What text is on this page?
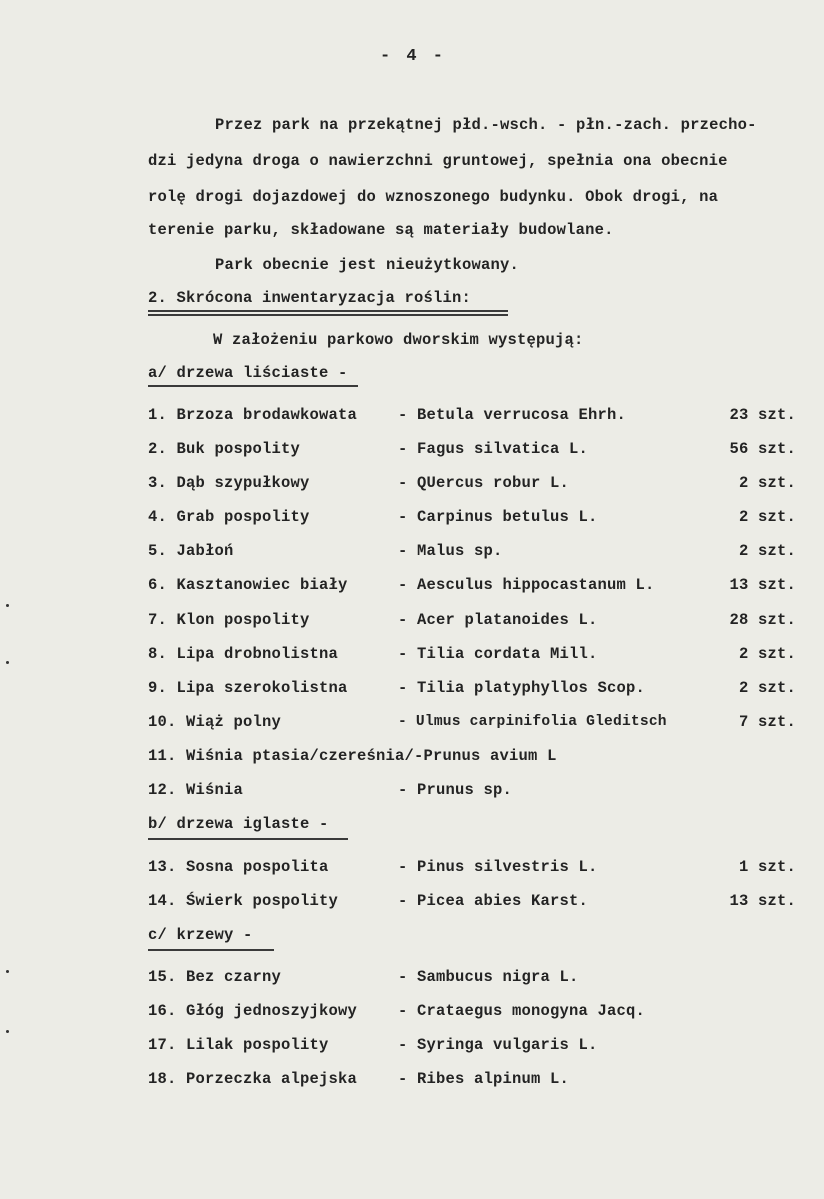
- 4 -
Przez park na przekątnej płd.-wsch. - płn.-zach. przecho-
dzi jedyna droga o nawierzchni gruntowej, spełnia ona obecnie
rolę drogi dojazdowej do wznoszonego budynku. Obok drogi, na
terenie parku, składowane są materiały budowlane.
Park obecnie jest nieużytkowany.
2. Skrócona inwentaryzacja roślin:
W założeniu parkowo dworskim występują:
a/ drzewa liściaste -
1. Brzoza brodawkowata	- Betula verrucosa Ehrh.	23 szt.
2. Buk pospolity	- Fagus silvatica L.	56 szt.
3. Dąb szypułkowy	- QUercus robur L.	2 szt.
4. Grab pospolity	- Carpinus betulus L.	2 szt.
5. Jabłoń	- Malus sp.	2 szt.
6. Kasztanowiec biały	- Aesculus hippocastanum L.	13 szt.
7. Klon pospolity	- Acer platanoides L.	28 szt.
8. Lipa drobnolistna	- Tilia cordata Mill.	2 szt.
9. Lipa szerokolistna	- Tilia platyphyllos Scop.	2 szt.
10. Wiąż polny	- Ulmus carpinifolia Gleditsch	7 szt.
11. Wiśnia ptasia/czereśnia/-Prunus avium L
12. Wiśnia	- Prunus sp.
b/ drzewa iglaste -
13. Sosna pospolita	- Pinus silvestris L.	1 szt.
14. Świerk pospolity	- Picea abies Karst.	13 szt.
c/ krzewy -
15. Bez czarny	- Sambucus nigra L.
16. Głóg jednoszyjkowy	- Crataegus monogyna Jacq.
17. Lilak pospolity	- Syringa vulgaris L.
18. Porzeczka alpejska	- Ribes alpinum L.
